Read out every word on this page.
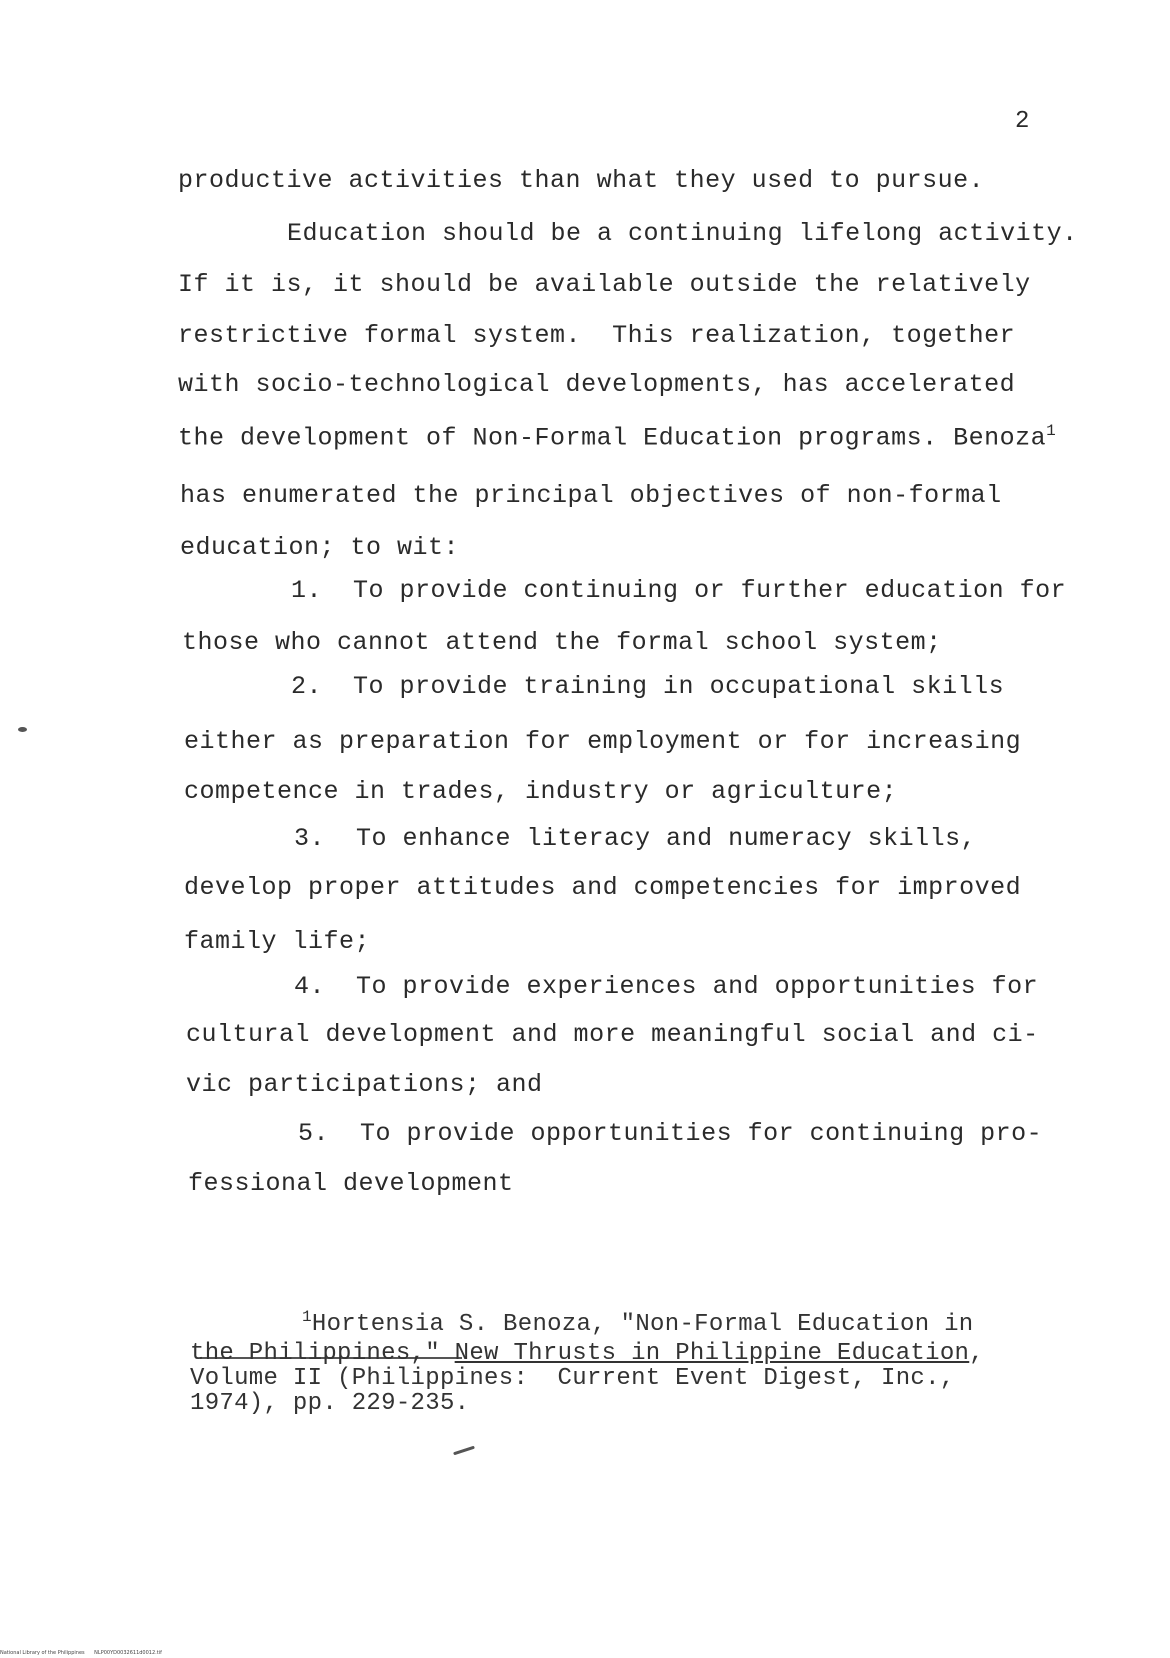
2
productive activities than what they used to pursue.
Education should be a continuing lifelong activity.
If it is, it should be available outside the relatively
restrictive formal system.  This realization, together
with socio-technological developments, has accelerated
the development of Non-Formal Education programs. Benoza$^1$
has enumerated the principal objectives of non-formal
education; to wit:
1.  To provide continuing or further education for
those who cannot attend the formal school system;
2.  To provide training in occupational skills
either as preparation for employment or for increasing
competence in trades, industry or agriculture;
3.  To enhance literacy and numeracy skills,
develop proper attitudes and competencies for improved
family life;
4.  To provide experiences and opportunities for
cultural development and more meaningful social and ci-
vic participations; and
5.  To provide opportunities for continuing pro-
fessional development
$^1$Hortensia S. Benoza, "Non-Formal Education in
the Philippines," New Thrusts in Philippine Education,
Volume II (Philippines:  Current Event Digest, Inc.,
1974), pp. 229-235.
National Library of the Philippines      NLP00YD0032611d0012.tif
